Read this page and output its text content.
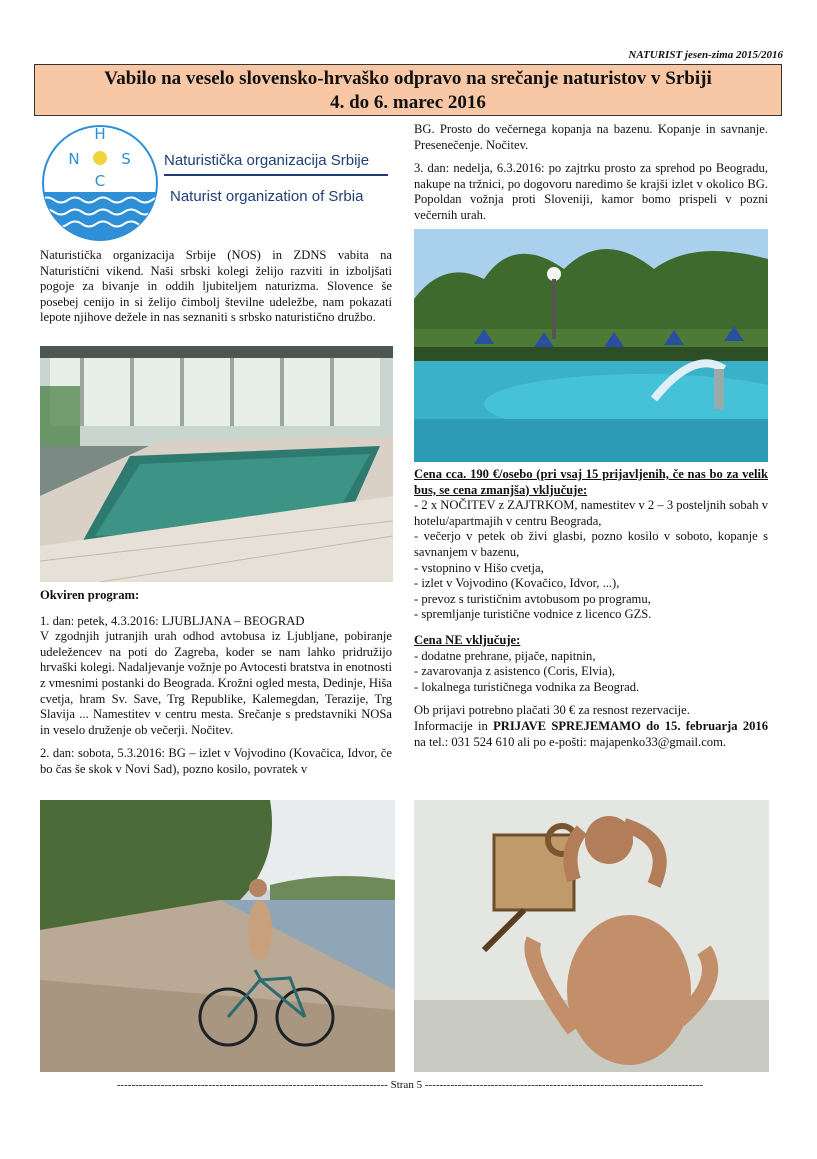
NATURIST jesen-zima 2015/2016
Vabilo na veselo slovensko-hrvaško odpravo na srečanje naturistov v Srbiji
4. do 6. marec 2016
H
N	S
C
Naturistička organizacija Srbije
Naturist organization of Srbia
Naturistička organizacija Srbije (NOS) in ZDNS vabita na Naturistični vikend. Naši srbski kolegi želijo razviti in izboljšati pogoje za bivanje in oddih ljubiteljem naturizma. Slovence še posebej cenijo in si želijo čimbolj številne udeležbe, nam pokazati lepote njihove dežele in nas seznaniti s srbsko naturistično družbo.
Okviren program:
1. dan: petek, 4.3.2016: LJUBLJANA – BEOGRAD

V zgodnjih jutranjih urah odhod avtobusa iz Ljubljane, pobiranje udeležencev na poti do Zagreba, koder se nam lahko pridružijo hrvaški kolegi. Nadaljevanje vožnje po Avtocesti bratstva in enotnosti z vmesnimi postanki do Beograda. Krožni ogled mesta, Dedinje, Hiša cvetja, hram Sv. Save, Trg Republike, Kalemegdan, Terazije, Trg Slavija ... Namestitev v centru mesta. Srečanje s predstavniki NOSa in veselo druženje ob večerji. Nočitev.

2. dan: sobota, 5.3.2016: BG – izlet v Vojvodino (Kovačica, Idvor, če bo čas še skok v Novi Sad), pozno kosilo, povratek v

BG. Prosto do večernega kopanja na bazenu. Kopanje in savnanje. Presenečenje. Nočitev.

3. dan: nedelja, 6.3.2016: po zajtrku prosto za sprehod po Beogradu, nakupe na tržnici, po dogovoru naredimo še krajši izlet v okolico BG. Popoldan vožnja proti Sloveniji, kamor bomo prispeli v pozni večernih urah.

Cena cca. 190 €/osebo (pri vsaj 15 prijavljenih, če nas bo za velik bus, se cena zmanjša) vključuje:
- 2 x NOČITEV z ZAJTRKOM, namestitev v 2 – 3 posteljnih sobah v hotelu/apartmajih v centru Beograda,
- večerjo v petek ob živi glasbi, pozno kosilo v soboto, kopanje s savnanjem v bazenu,
- vstopnino v Hišo cvetja,
- izlet v Vojvodino (Kovačico, Idvor, ...),
- prevoz s turističnim avtobusom po programu,
- spremljanje turistične vodnice z licenco GZS.
Cena NE vključuje:
- dodatne prehrane, pijače, napitnin,
- zavarovanja z asistenco (Coris, Elvia),
- lokalnega turističnega vodnika za Beograd.
Ob prijavi potrebno plačati 30 € za resnost rezervacije.
Informacije in PRIJAVE SPREJEMAMO do 15. februarja 2016 na tel.: 031 524 610 ali po e-pošti: majapenko33@gmail.com.
-------------------------------------------------------------------------- Stran 5 ----------------------------------------------------------------------------
